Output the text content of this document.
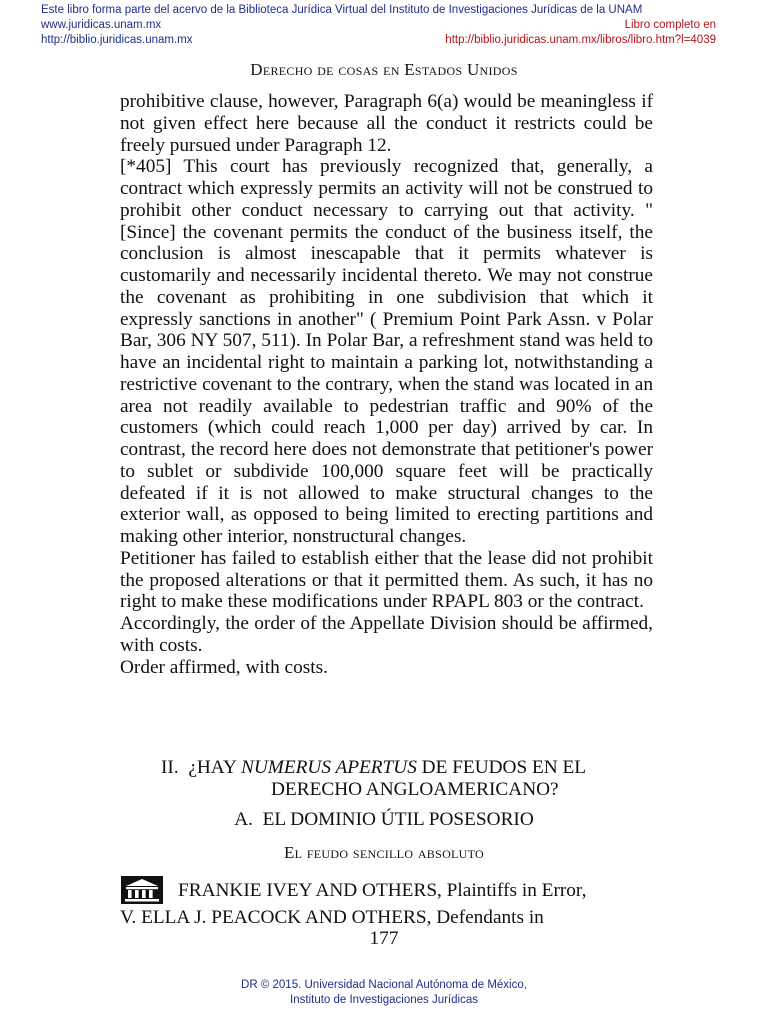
Este libro forma parte del acervo de la Biblioteca Jurídica Virtual del Instituto de Investigaciones Jurídicas de la UNAM
www.juridicas.unam.mx	Libro completo en
http://biblio.juridicas.unam.mx	http://biblio.juridicas.unam.mx/libros/libro.htm?l=4039
Derecho de cosas en Estados Unidos

prohibitive clause, however, Paragraph 6(a) would be meaningless if not given effect here because all the conduct it restricts could be freely pursued under Paragraph 12.

[*405] This court has previously recognized that, generally, a contract which expressly permits an activity will not be construed to prohibit other conduct necessary to carrying out that activity. "[Since] the covenant permits the conduct of the business itself, the conclusion is almost inescapable that it permits whatever is customarily and necessarily incidental thereto. We may not construe the covenant as prohibiting in one subdivision that which it expressly sanctions in another" ( Premium Point Park Assn. v Polar Bar, 306 NY 507, 511). In Polar Bar, a refreshment stand was held to have an incidental right to maintain a parking lot, notwithstanding a restrictive covenant to the contrary, when the stand was located in an area not readily available to pedestrian traffic and 90% of the customers (which could reach 1,000 per day) arrived by car. In contrast, the record here does not demonstrate that petitioner's power to sublet or subdivide 100,000 square feet will be practically defeated if it is not allowed to make structural changes to the exterior wall, as opposed to being limited to erecting partitions and making other interior, nonstructural changes.

Petitioner has failed to establish either that the lease did not prohibit the proposed alterations or that it permitted them. As such, it has no right to make these modifications under RPAPL 803 or the contract.

Accordingly, the order of the Appellate Division should be affirmed, with costs.

Order affirmed, with costs.

II. ¿HAY NUMERUS APERTUS DE FEUDOS EN EL
DERECHO ANGLOAMERICANO?
A.  EL DOMINIO ÚTIL POSESORIO
El feudo sencillo absoluto
FRANKIE IVEY AND OTHERS, Plaintiffs in Error,
V. ELLA J. PEACOCK AND OTHERS, Defendants in
177
DR © 2015. Universidad Nacional Autónoma de México,
Instituto de Investigaciones Jurídicas
